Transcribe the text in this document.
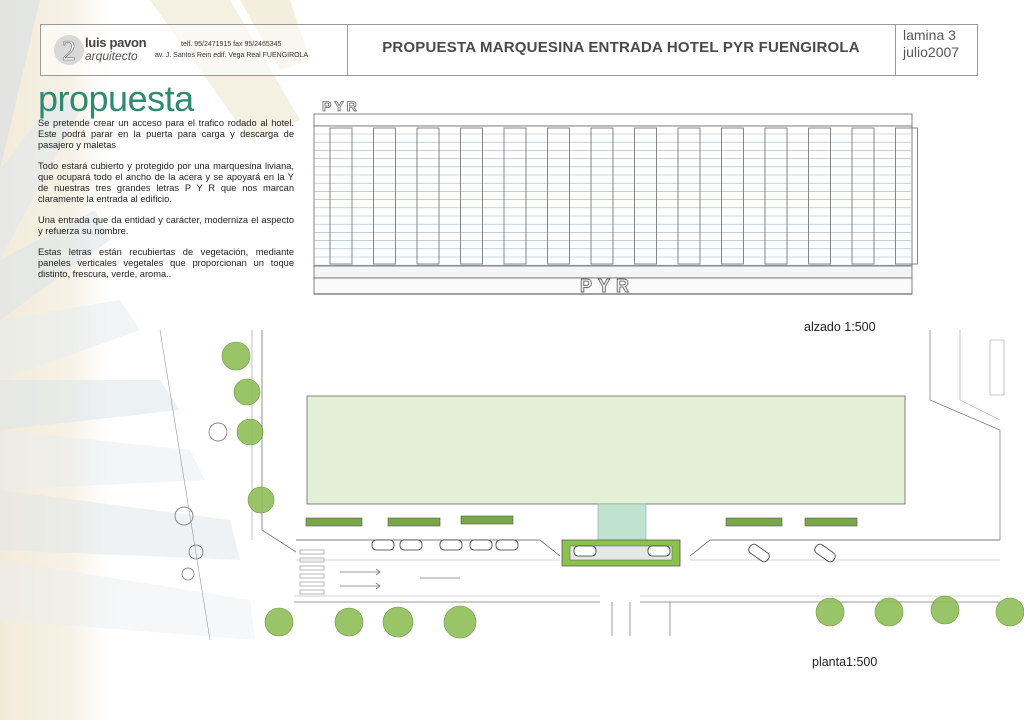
2 luis pavon
arquitecto
telf. 95/2471915 fax 95/2465345
av. J. Santos Rein edif. Vega Real FUENGIROLA	PROPUESTA MARQUESINA ENTRADA HOTEL PYR FUENGIROLA
lamina 3
julio2007
propuesta

Se pretende crear un acceso para el trafico rodado al hotel. Este podrá parar en la puerta para carga y descarga de pasajero y maletas

Todo estará cubierto y protegido por una marquesina liviana, que ocupará todo el ancho de la acera y se apoyará en la Y de nuestras tres grandes letras P Y R que nos marcan claramente la entrada al edificio.

Una entrada que da entidad y carácter, moderniza el aspecto y refuerza su nombre.

Estas letras están recubiertas de vegetación, mediante paneles verticales vegetales que proporcionan un toque distinto, frescura, verde, aroma..

PYR
PYR
alzado 1:500
planta1:500
